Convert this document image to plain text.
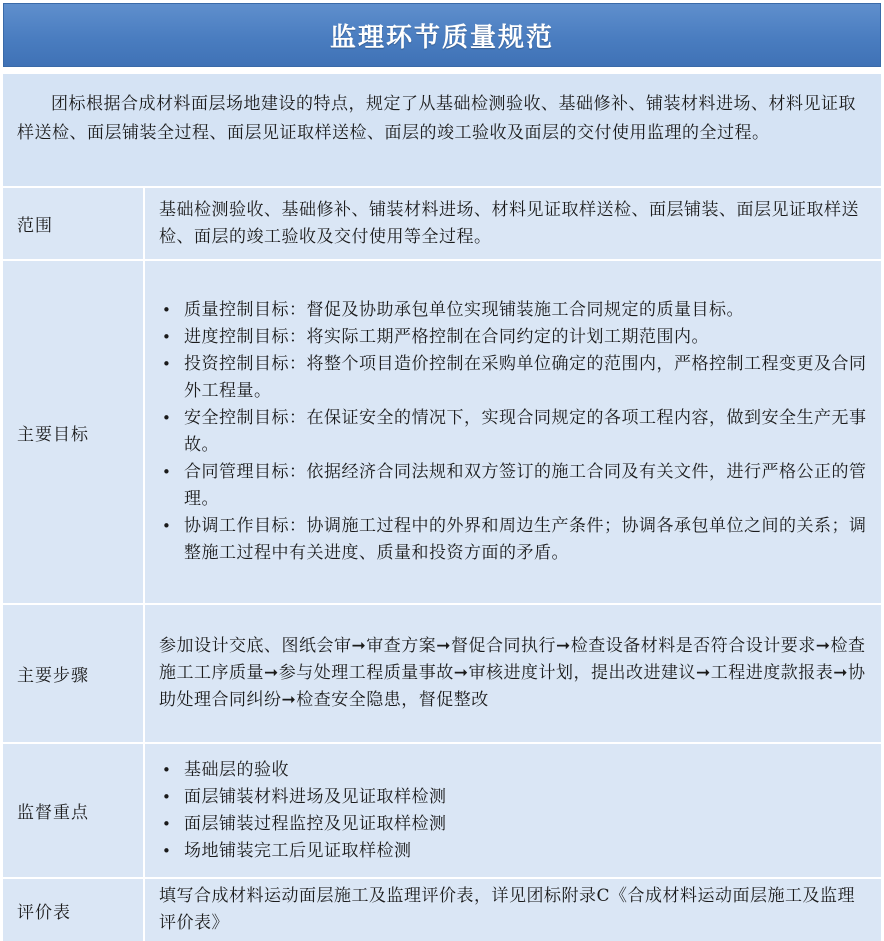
监理环节质量规范
团标根据合成材料面层场地建设的特点，规定了从基础检测验收、基础修补、铺装材料进场、材料见证取样送检、面层铺装全过程、面层见证取样送检、面层的竣工验收及面层的交付使用监理的全过程。
范围
基础检测验收、基础修补、铺装材料进场、材料见证取样送检、面层铺装、面层见证取样送检、面层的竣工验收及交付使用等全过程。
主要目标
• 质量控制目标：督促及协助承包单位实现铺装施工合同规定的质量目标。
• 进度控制目标：将实际工期严格控制在合同约定的计划工期范围内。
• 投资控制目标：将整个项目造价控制在采购单位确定的范围内，严格控制工程变更及合同外工程量。
• 安全控制目标：在保证安全的情况下，实现合同规定的各项工程内容，做到安全生产无事故。
• 合同管理目标：依据经济合同法规和双方签订的施工合同及有关文件，进行严格公正的管理。
• 协调工作目标：协调施工过程中的外界和周边生产条件；协调各承包单位之间的关系；调整施工过程中有关进度、质量和投资方面的矛盾。
主要步骤
参加设计交底、图纸会审➞审查方案➞督促合同执行➞检查设备材料是否符合设计要求➞检查施工工序质量➞参与处理工程质量事故➞审核进度计划，提出改进建议➞工程进度款报表➞协助处理合同纠纷➞检查安全隐患，督促整改
监督重点
• 基础层的验收
• 面层铺装材料进场及见证取样检测
• 面层铺装过程监控及见证取样检测
• 场地铺装完工后见证取样检测
评价表
填写合成材料运动面层施工及监理评价表，详见团标附录C《合成材料运动面层施工及监理评价表》
